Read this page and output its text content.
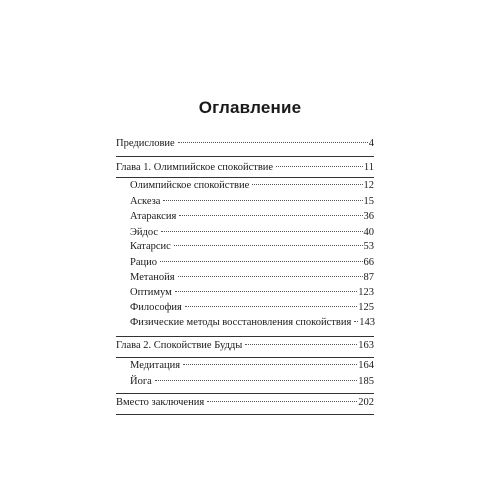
Оглавление
Предисловие	4
Глава 1. Олимпийское спокойствие	11
Олимпийское спокойствие	12
Аскеза	15
Атараксия	36
Эйдос	40
Катарсис	53
Рацио	66
Метанойя	87
Оптимум	123
Философия	125
Физические методы восстановления спокойствия 143
Глава 2. Спокойствие Будды	163
Медитация	164
Йога	185
Вместо заключения	202
